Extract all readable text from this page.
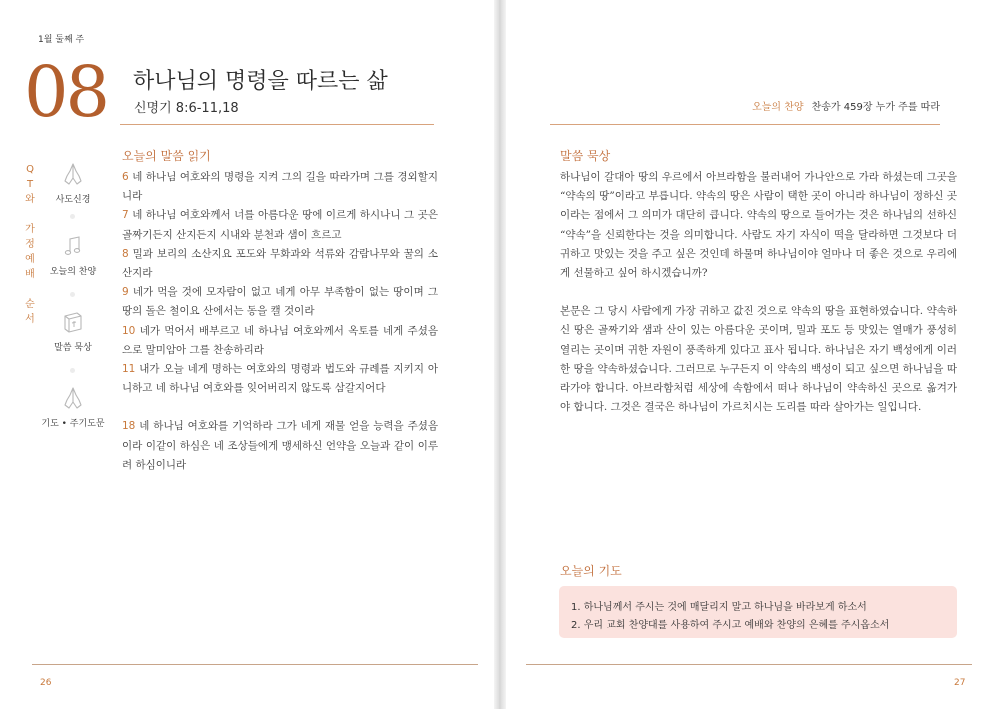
1월 둘째 주
08 하나님의 명령을 따르는 삶
신명기 8:6-11,18
Q
T
와

가
정
예
배

순
서
사도신경
오늘의 찬양
말씀 묵상
기도 • 주기도문
오늘의 말씀 읽기

6 네 하나님 여호와의 명령을 지켜 그의 길을 따라가며 그를 경외할지니라

7 네 하나님 여호와께서 너를 아름다운 땅에 이르게 하시나니 그 곳은 골짜기든지 산지든지 시내와 분천과 샘이 흐르고

8 밀과 보리의 소산지요 포도와 무화과와 석류와 감람나무와 꿀의 소산지라

9 네가 먹을 것에 모자람이 없고 네게 아무 부족함이 없는 땅이며 그 땅의 돌은 철이요 산에서는 동을 캘 것이라

10 네가 먹어서 배부르고 네 하나님 여호와께서 옥토를 네게 주셨음으로 말미암아 그를 찬송하리라

11 내가 오늘 네게 명하는 여호와의 명령과 법도와 규례를 지키지 아니하고 네 하나님 여호와를 잊어버리지 않도록 삼갈지어다

18 네 하나님 여호와를 기억하라 그가 네게 재물 얻을 능력을 주셨음이라 이같이 하심은 네 조상들에게 맹세하신 언약을 오늘과 같이 이루려 하심이니라

26
오늘의 찬양 찬송가 459장 누가 주를 따라
말씀 묵상

하나님이 갈대아 땅의 우르에서 아브라함을 불러내어 가나안으로 가라 하셨는데 그곳을 “약속의 땅”이라고 부릅니다. 약속의 땅은 사람이 택한 곳이 아니라 하나님이 정하신 곳이라는 점에서 그 의미가 대단히 큽니다. 약속의 땅으로 들어가는 것은 하나님의 선하신 “약속”을 신뢰한다는 것을 의미합니다. 사람도 자기 자식이 떡을 달라하면 그것보다 더 귀하고 맛있는 것을 주고 싶은 것인데 하물며 하나님이야 얼마나 더 좋은 것으로 우리에게 선물하고 싶어 하시겠습니까?

본문은 그 당시 사람에게 가장 귀하고 값진 것으로 약속의 땅을 표현하였습니다. 약속하신 땅은 골짜기와 샘과 산이 있는 아름다운 곳이며, 밀과 포도 등 맛있는 열매가 풍성히 열리는 곳이며 귀한 자원이 풍족하게 있다고 표사 됩니다. 하나님은 자기 백성에게 이러한 땅을 약속하셨습니다. 그러므로 누구든지 이 약속의 백성이 되고 싶으면 하나님을 따라가야 합니다. 아브라함처럼 세상에 속함에서 떠나 하나님이 약속하신 곳으로 옮겨가야 합니다. 그것은 결국은 하나님이 가르치시는 도리를 따라 살아가는 일입니다.

오늘의 기도
1. 하나님께서 주시는 것에 매달리지 말고 하나님을 바라보게 하소서
2. 우리 교회 찬양대를 사용하여 주시고 예배와 찬양의 은혜를 주시옵소서
27
